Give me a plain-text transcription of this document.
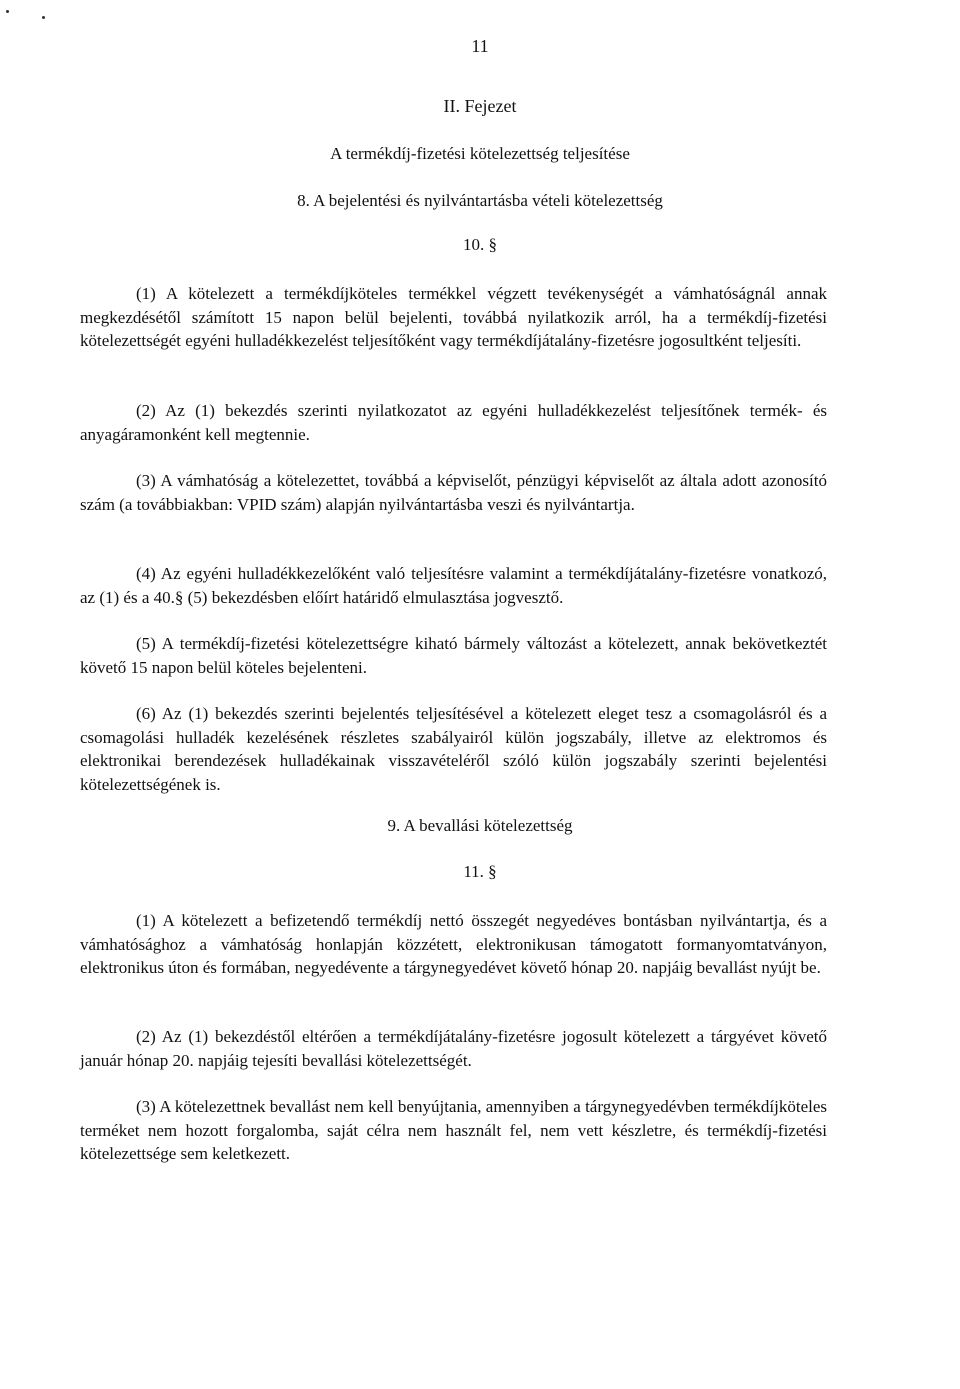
11
II. Fejezet
A termékdíj-fizetési kötelezettség teljesítése
8. A bejelentési és nyilvántartásba vételi kötelezettség
10. §
(1) A kötelezett a termékdíjköteles termékkel végzett tevékenységét a vámhatóságnál annak megkezdésétől számított 15 napon belül bejelenti, továbbá nyilatkozik arról, ha a termékdíj-fizetési kötelezettségét egyéni hulladékkezelést teljesítőként vagy termékdíjátalány-fizetésre jogosultként teljesíti.
(2) Az (1) bekezdés szerinti nyilatkozatot az egyéni hulladékkezelést teljesítőnek termék- és anyagáramonként kell megtennie.
(3) A vámhatóság a kötelezettet, továbbá a képviselőt, pénzügyi képviselőt az általa adott azonosító szám (a továbbiakban: VPID szám) alapján nyilvántartásba veszi és nyilvántartja.
(4) Az egyéni hulladékkezelőként való teljesítésre valamint a termékdíjátalány-fizetésre vonatkozó, az (1) és a 40.§ (5) bekezdésben előírt határidő elmulasztása jogvesztő.
(5) A termékdíj-fizetési kötelezettségre kiható bármely változást a kötelezett, annak bekövetkeztét követő 15 napon belül köteles bejelenteni.
(6) Az (1) bekezdés szerinti bejelentés teljesítésével a kötelezett eleget tesz a csomagolásról és a csomagolási hulladék kezelésének részletes szabályairól külön jogszabály, illetve az elektromos és elektronikai berendezések hulladékainak visszavételéről szóló külön jogszabály szerinti bejelentési kötelezettségének is.
9. A bevallási kötelezettség
11. §
(1) A kötelezett a befizetendő termékdíj nettó összegét negyedéves bontásban nyilvántartja, és a vámhatósághoz a vámhatóság honlapján közzétett, elektronikusan támogatott formanyomtatványon, elektronikus úton és formában, negyedévente a tárgynegyedévet követő hónap 20. napjáig bevallást nyújt be.
(2) Az (1) bekezdéstől eltérően a termékdíjátalány-fizetésre jogosult kötelezett a tárgyévet követő január hónap 20. napjáig tejesíti bevallási kötelezettségét.
(3) A kötelezettnek bevallást nem kell benyújtania, amennyiben a tárgynegyedévben termékdíjköteles terméket nem hozott forgalomba, saját célra nem használt fel, nem vett készletre, és termékdíj-fizetési kötelezettsége sem keletkezett.
